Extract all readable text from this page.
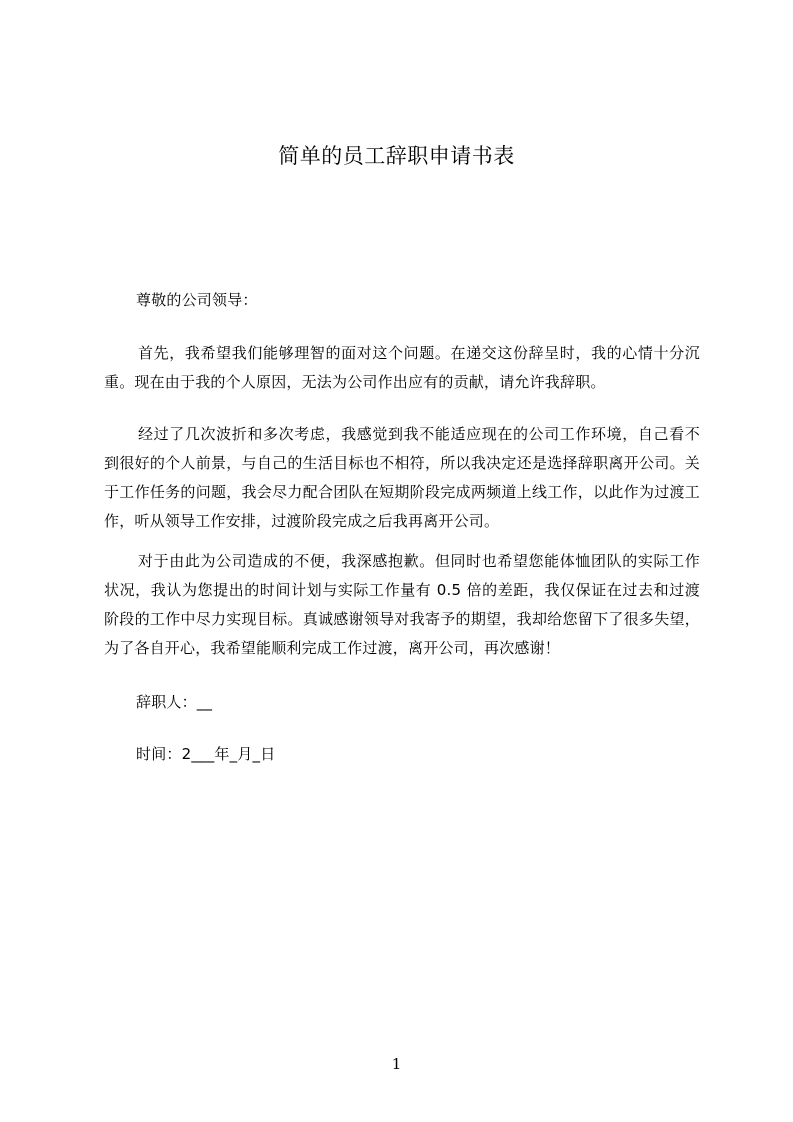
简单的员工辞职申请书表
尊敬的公司领导：
首先，我希望我们能够理智的面对这个问题。在递交这份辞呈时，我的心情十分沉重。现在由于我的个人原因，无法为公司作出应有的贡献，请允许我辞职。
经过了几次波折和多次考虑，我感觉到我不能适应现在的公司工作环境，自己看不到很好的个人前景，与自己的生活目标也不相符，所以我决定还是选择辞职离开公司。关于工作任务的问题，我会尽力配合团队在短期阶段完成两频道上线工作，以此作为过渡工作，听从领导工作安排，过渡阶段完成之后我再离开公司。
对于由此为公司造成的不便，我深感抱歉。但同时也希望您能体恤团队的实际工作状况，我认为您提出的时间计划与实际工作量有 0.5 倍的差距，我仅保证在过去和过渡阶段的工作中尽力实现目标。真诚感谢领导对我寄予的期望，我却给您留下了很多失望，为了各自开心，我希望能顺利完成工作过渡，离开公司，再次感谢！
辞职人：__
时间：2___年_月_日
1
